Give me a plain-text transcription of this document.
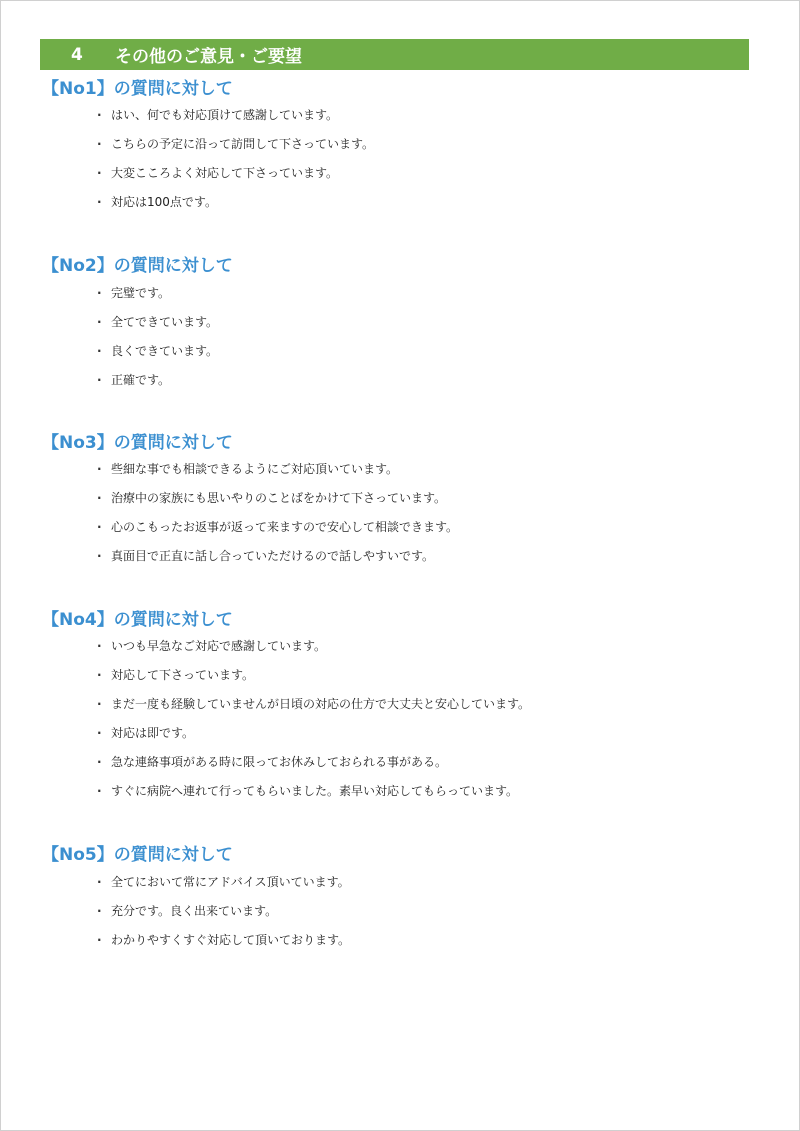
4	その他のご意見・ご要望
【No1】の質問に対して
· はい、何でも対応頂けて感謝しています。
· こちらの予定に沿って訪問して下さっています。
· 大変こころよく対応して下さっています。
· 対応は100点です。
【No2】の質問に対して
· 完璧です。
· 全てできています。
· 良くできています。
· 正確です。
【No3】の質問に対して
· 些細な事でも相談できるようにご対応頂いています。
· 治療中の家族にも思いやりのことばをかけて下さっています。
· 心のこもったお返事が返って来ますので安心して相談できます。
· 真面目で正直に話し合っていただけるので話しやすいです。
【No4】の質問に対して
· いつも早急なご対応で感謝しています。
· 対応して下さっています。
· まだ一度も経験していませんが日頃の対応の仕方で大丈夫と安心しています。
· 対応は即です。
· 急な連絡事項がある時に限ってお休みしておられる事がある。
· すぐに病院へ連れて行ってもらいました。素早い対応してもらっています。
【No5】の質問に対して
· 全てにおいて常にアドバイス頂いています。
· 充分です。良く出来ています。
· わかりやすくすぐ対応して頂いております。
